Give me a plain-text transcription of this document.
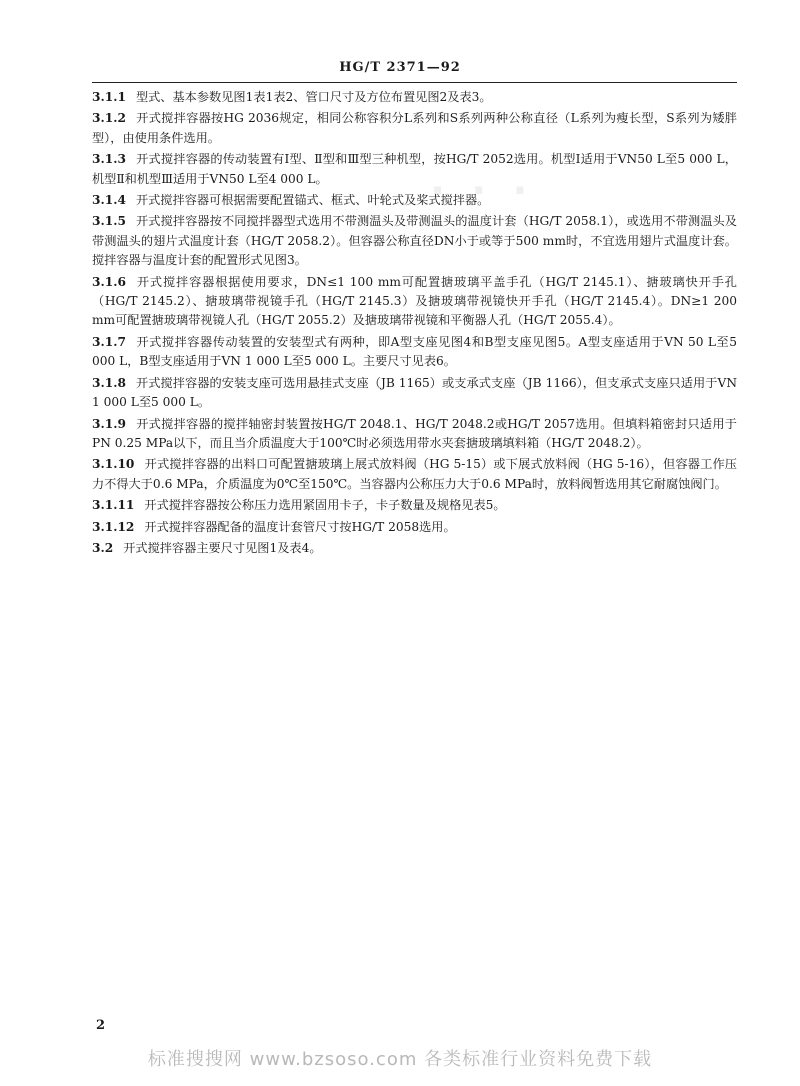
· · ·
HG/T 2371—92

3.1.1 型式、基本参数见图1表1表2、管口尺寸及方位布置见图2及表3。

3.1.2 开式搅拌容器按HG 2036规定，相同公称容积分L系列和S系列两种公称直径（L系列为瘦长型，S系列为矮胖型），由使用条件选用。

3.1.3 开式搅拌容器的传动装置有Ⅰ型、Ⅱ型和Ⅲ型三种机型，按HG/T 2052选用。机型Ⅰ适用于VN50 L至5 000 L，机型Ⅱ和机型Ⅲ适用于VN50 L至4 000 L。

3.1.4 开式搅拌容器可根据需要配置锚式、框式、叶轮式及桨式搅拌器。

3.1.5 开式搅拌容器按不同搅拌器型式选用不带测温头及带测温头的温度计套（HG/T 2058.1），或选用不带测温头及带测温头的翅片式温度计套（HG/T 2058.2）。但容器公称直径DN小于或等于500 mm时，不宜选用翅片式温度计套。搅拌容器与温度计套的配置形式见图3。

3.1.6 开式搅拌容器根据使用要求，DN≤1 100 mm可配置搪玻璃平盖手孔（HG/T 2145.1）、搪玻璃快开手孔（HG/T 2145.2）、搪玻璃带视镜手孔（HG/T 2145.3）及搪玻璃带视镜快开手孔（HG/T 2145.4）。DN≥1 200 mm可配置搪玻璃带视镜人孔（HG/T 2055.2）及搪玻璃带视镜和平衡器人孔（HG/T 2055.4）。

3.1.7 开式搅拌容器传动装置的安装型式有两种，即A型支座见图4和B型支座见图5。A型支座适用于VN 50 L至5 000 L，B型支座适用于VN 1 000 L至5 000 L。主要尺寸见表6。

3.1.8 开式搅拌容器的安装支座可选用悬挂式支座（JB 1165）或支承式支座（JB 1166），但支承式支座只适用于VN 1 000 L至5 000 L。

3.1.9 开式搅拌容器的搅拌轴密封装置按HG/T 2048.1、HG/T 2048.2或HG/T 2057选用。但填料箱密封只适用于PN 0.25 MPa以下，而且当介质温度大于100℃时必须选用带水夹套搪玻璃填料箱（HG/T 2048.2）。

3.1.10 开式搅拌容器的出料口可配置搪玻璃上展式放料阀（HG 5-15）或下展式放料阀（HG 5-16），但容器工作压力不得大于0.6 MPa，介质温度为0℃至150℃。当容器内公称压力大于0.6 MPa时，放料阀暂选用其它耐腐蚀阀门。

3.1.11 开式搅拌容器按公称压力选用紧固用卡子，卡子数量及规格见表5。

3.1.12 开式搅拌容器配备的温度计套管尺寸按HG/T 2058选用。

3.2 开式搅拌容器主要尺寸见图1及表4。

2
标准搜搜网 www.bzsoso.com 各类标准行业资料免费下载
